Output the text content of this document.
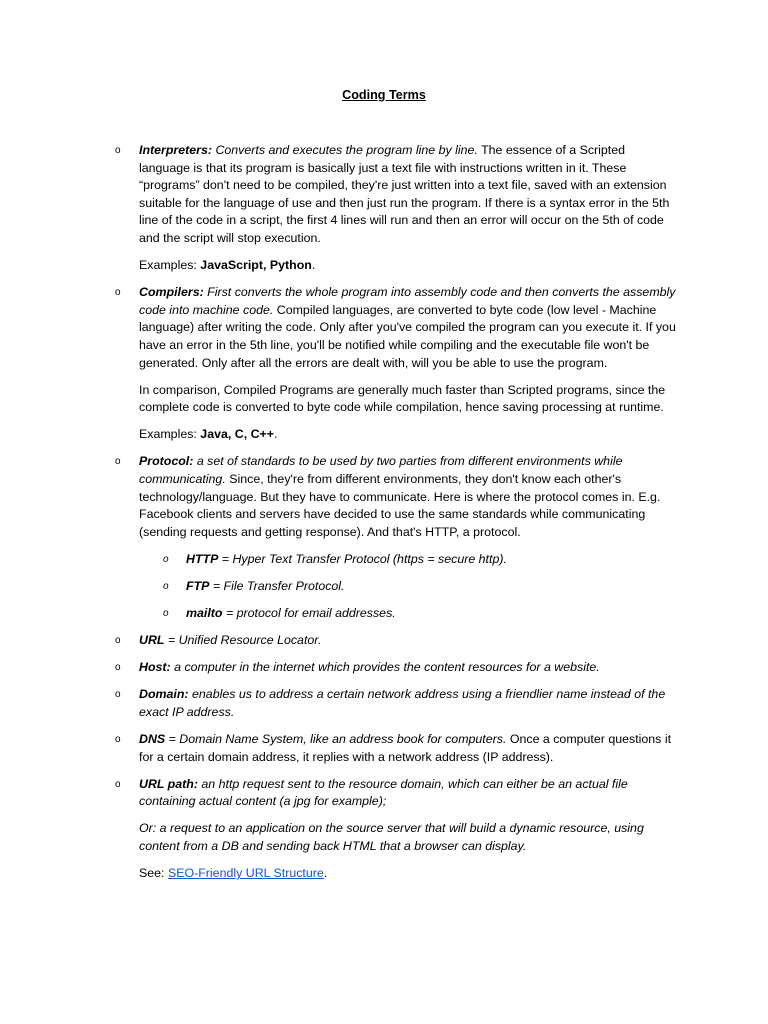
Coding Terms
o Interpreters: Converts and executes the program line by line. The essence of a Scripted language is that its program is basically just a text file with instructions written in it. These “programs” don't need to be compiled, they're just written into a text file, saved with an extension suitable for the language of use and then just run the program. If there is a syntax error in the 5th line of the code in a script, the first 4 lines will run and then an error will occur on the 5th of code and the script will stop execution.

Examples: JavaScript, Python.

o Compilers: First converts the whole program into assembly code and then converts the assembly code into machine code. Compiled languages, are converted to byte code (low level - Machine language) after writing the code. Only after you've compiled the program can you execute it. If you have an error in the 5th line, you'll be notified while compiling and the executable file won't be generated. Only after all the errors are dealt with, will you be able to use the program.

In comparison, Compiled Programs are generally much faster than Scripted programs, since the complete code is converted to byte code while compilation, hence saving processing at runtime.

Examples: Java, C, C++.

o Protocol: a set of standards to be used by two parties from different environments while communicating. Since, they're from different environments, they don't know each other's technology/language. But they have to communicate. Here is where the protocol comes in. E.g. Facebook clients and servers have decided to use the same standards while communicating (sending requests and getting response). And that's HTTP, a protocol.

o HTTP = Hyper Text Transfer Protocol (https = secure http).

o FTP = File Transfer Protocol.

o mailto = protocol for email addresses.

o URL = Unified Resource Locator.

o Host: a computer in the internet which provides the content resources for a website.

o Domain: enables us to address a certain network address using a friendlier name instead of the exact IP address.

o DNS = Domain Name System, like an address book for computers. Once a computer questions it for a certain domain address, it replies with a network address (IP address).

o URL path: an http request sent to the resource domain, which can either be an actual file containing actual content (a jpg for example);

Or: a request to an application on the source server that will build a dynamic resource, using content from a DB and sending back HTML that a browser can display.

See: SEO-Friendly URL Structure.
